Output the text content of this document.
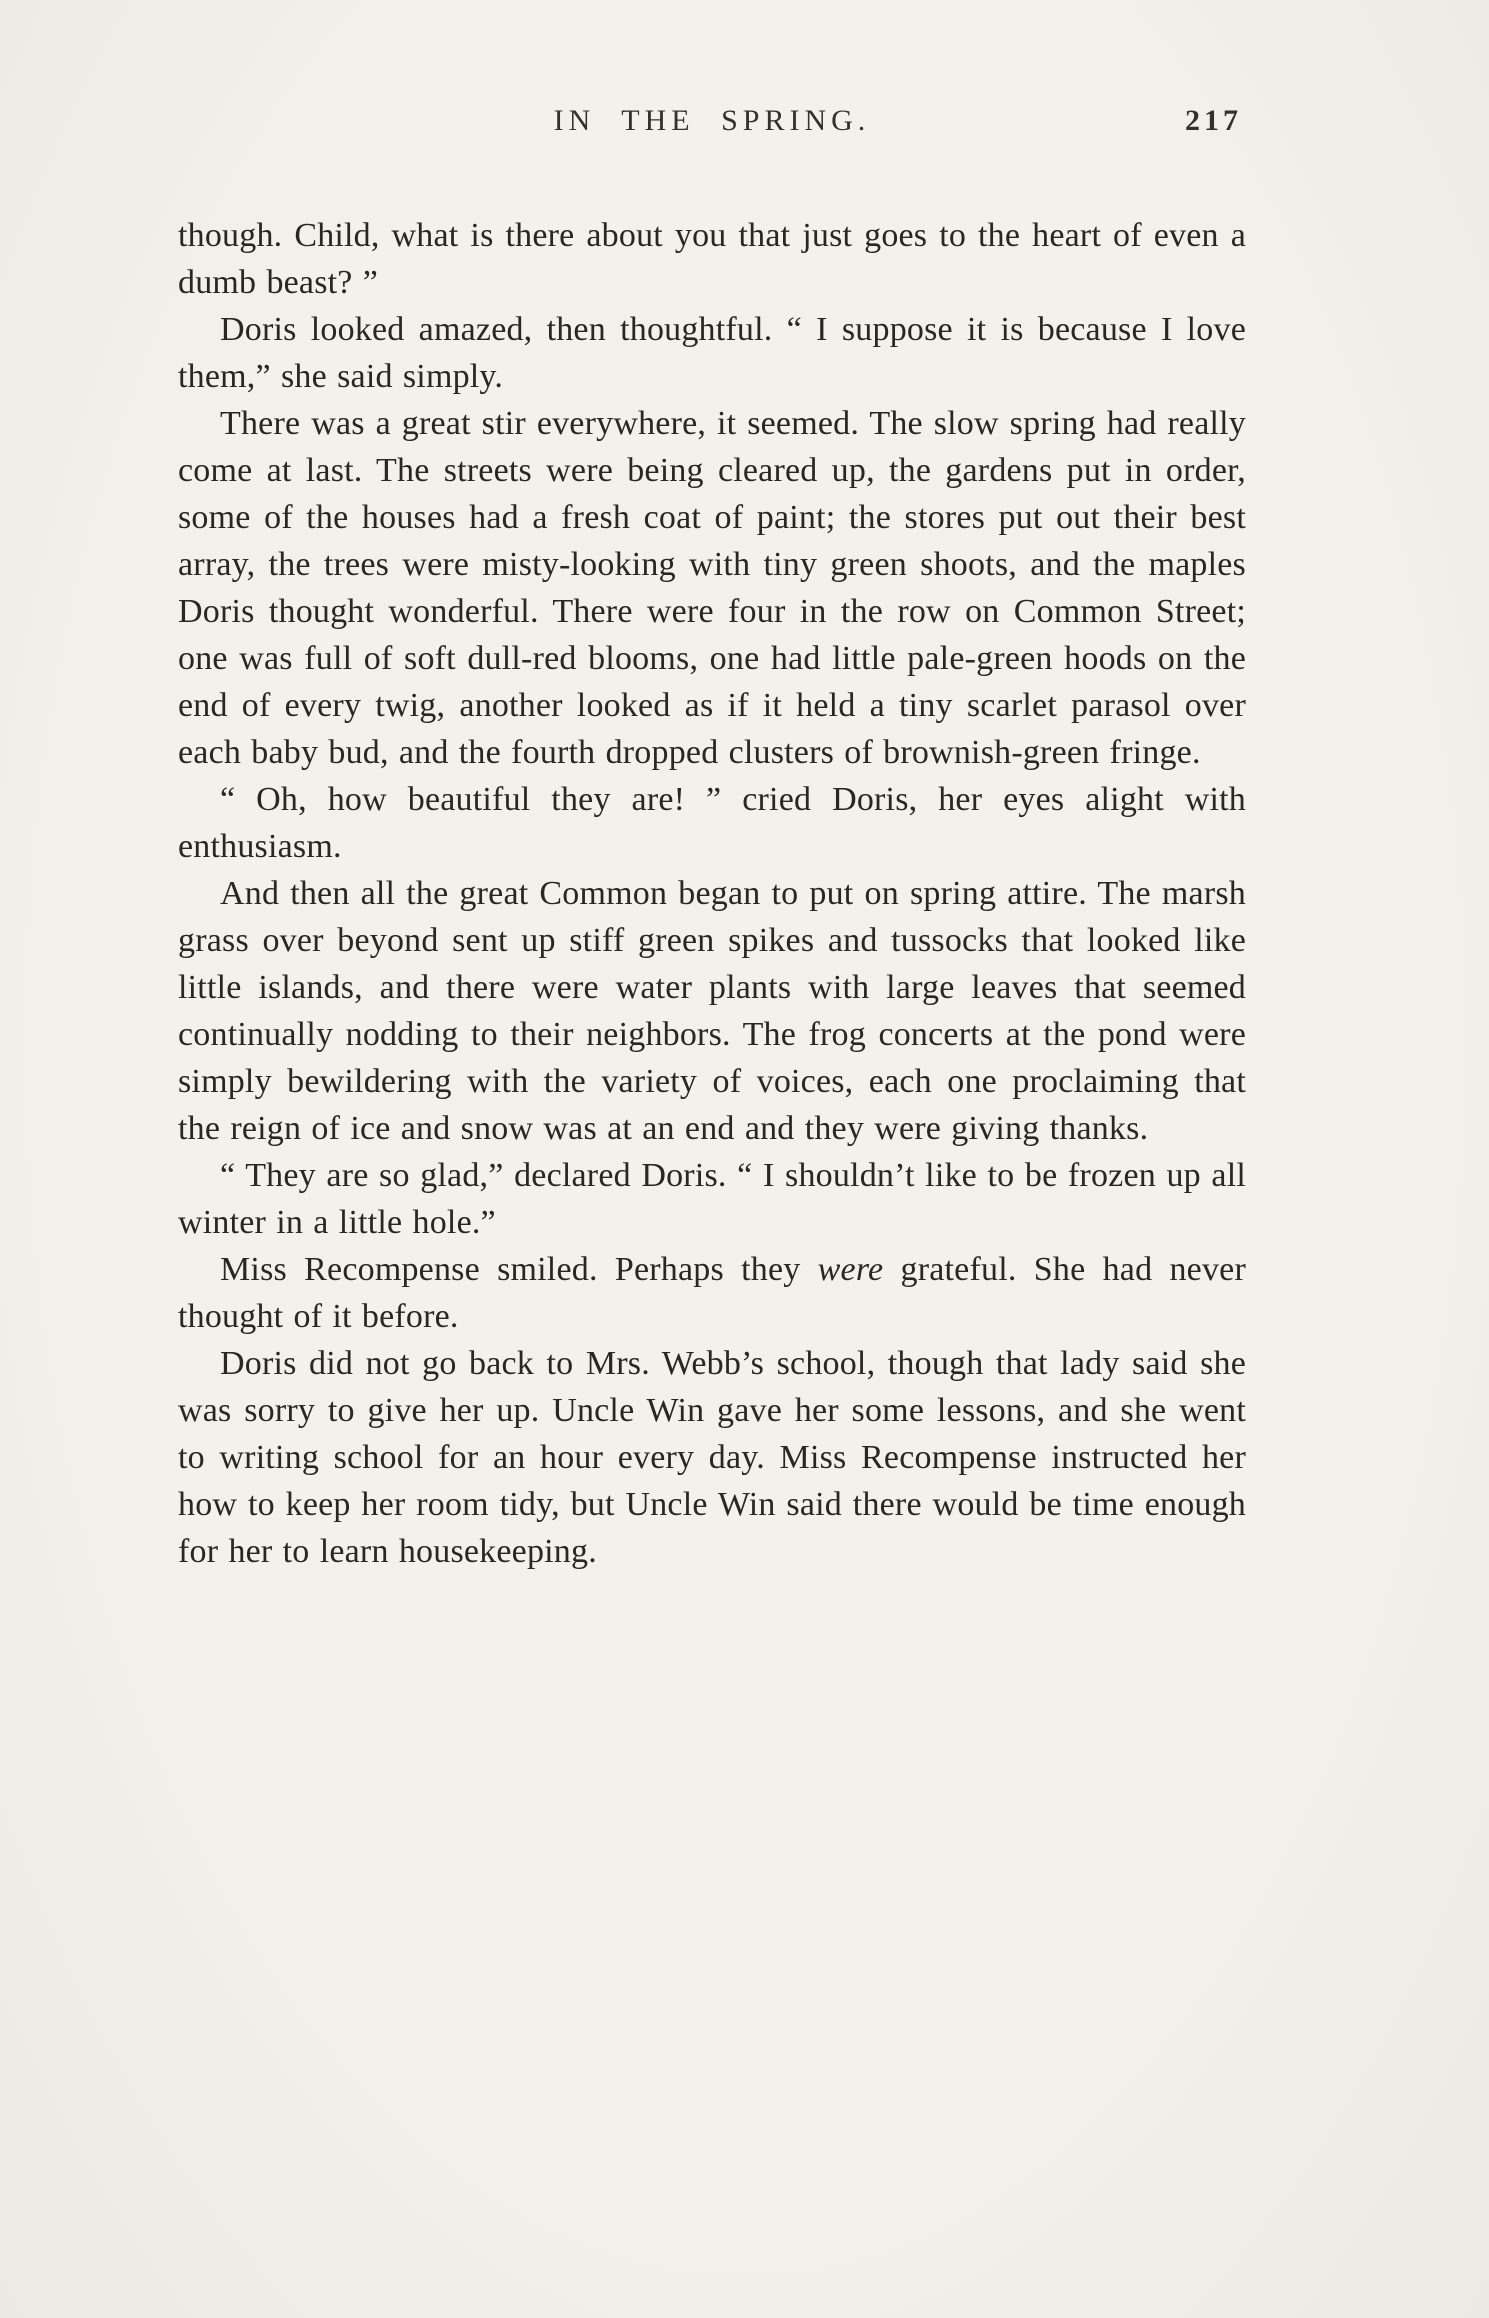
IN THE SPRING.	217

though. Child, what is there about you that just goes to the heart of even a dumb beast? ”

Doris looked amazed, then thoughtful. “ I suppose it is because I love them,” she said simply.

There was a great stir everywhere, it seemed. The slow spring had really come at last. The streets were being cleared up, the gardens put in order, some of the houses had a fresh coat of paint; the stores put out their best array, the trees were misty-looking with tiny green shoots, and the maples Doris thought wonderful. There were four in the row on Common Street; one was full of soft dull-red blooms, one had little pale-green hoods on the end of every twig, another looked as if it held a tiny scarlet parasol over each baby bud, and the fourth dropped clusters of brownish-green fringe.

“ Oh, how beautiful they are! ” cried Doris, her eyes alight with enthusiasm.

And then all the great Common began to put on spring attire. The marsh grass over beyond sent up stiff green spikes and tussocks that looked like little islands, and there were water plants with large leaves that seemed continually nodding to their neighbors. The frog concerts at the pond were simply bewildering with the variety of voices, each one proclaiming that the reign of ice and snow was at an end and they were giving thanks.

“ They are so glad,” declared Doris. “ I shouldn’t like to be frozen up all winter in a little hole.”

Miss Recompense smiled. Perhaps they were grateful. She had never thought of it before.

Doris did not go back to Mrs. Webb’s school, though that lady said she was sorry to give her up. Uncle Win gave her some lessons, and she went to writing school for an hour every day. Miss Recompense instructed her how to keep her room tidy, but Uncle Win said there would be time enough for her to learn housekeeping.
